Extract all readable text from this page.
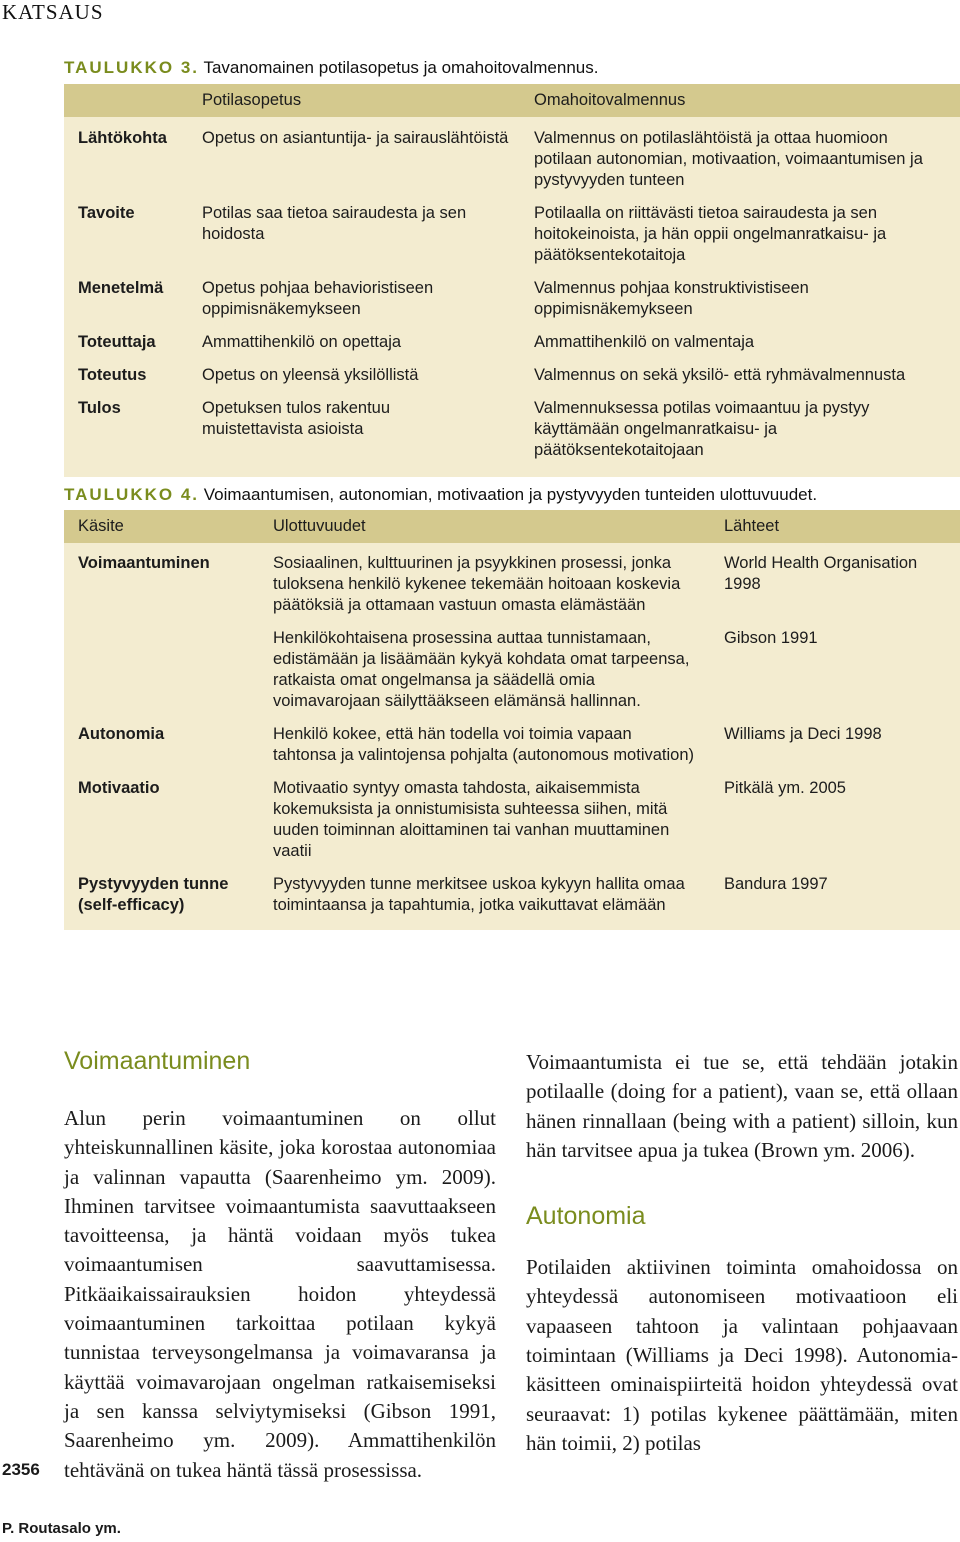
KATSAUS
TAULUKKO 3. Tavanomainen potilasopetus ja omahoitovalmennus.
	Potilasopetus	Omahoitovalmennus
Lähtökohta	Opetus on asiantuntija- ja sairauslähtöistä	Valmennus on potilaslähtöistä ja ottaa huomioon potilaan autonomian, motivaation, voimaantumisen ja pystyvyyden tunteen
Tavoite	Potilas saa tietoa sairaudesta ja sen hoidosta	Potilaalla on riittävästi tietoa sairaudesta ja sen hoitokeinoista, ja hän oppii ongelmanratkaisu- ja päätöksentekotaitoja
Menetelmä	Opetus pohjaa behavioristiseen oppimisnäkemykseen	Valmennus pohjaa konstruktivistiseen oppimisnäkemykseen
Toteuttaja	Ammattihenkilö on opettaja	Ammattihenkilö on valmentaja
Toteutus	Opetus on yleensä yksilöllistä	Valmennus on sekä yksilö- että ryhmävalmennusta
Tulos	Opetuksen tulos rakentuu muistettavista asioista	Valmennuksessa potilas voimaantuu ja pystyy käyttämään ongelmanratkaisu- ja päätöksentekotaitojaan
TAULUKKO 4. Voimaantumisen, autonomian, motivaation ja pystyvyyden tunteiden ulottuvuudet.
Käsite	Ulottuvuudet	Lähteet
Voimaantuminen	Sosiaalinen, kulttuurinen ja psyykkinen prosessi, jonka tuloksena henkilö kykenee tekemään hoitoaan koskevia päätöksiä ja ottamaan vastuun omasta elämästään	World Health Organisation 1998
	Henkilökohtaisena prosessina auttaa tunnistamaan, edistämään ja lisäämään kykyä kohdata omat tarpeensa, ratkaista omat ongelmansa ja säädellä omia voimavarojaan säilyttääkseen elämänsä hallinnan.	Gibson 1991
Autonomia	Henkilö kokee, että hän todella voi toimia vapaan tahtonsa ja valintojensa pohjalta (autonomous motivation)	Williams ja Deci 1998
Motivaatio	Motivaatio syntyy omasta tahdosta, aikaisemmista kokemuksista ja onnistumisista suhteessa siihen, mitä uuden toiminnan aloittaminen tai vanhan muuttaminen vaatii	Pitkälä ym. 2005
Pystyvyyden tunne (self-efficacy)	Pystyvyyden tunne merkitsee uskoa kykyyn hallita omaa toimintaansa ja tapahtumia, jotka vaikuttavat elämään	Bandura 1997
Voimaantuminen

Alun perin voimaantuminen on ollut yhteiskunnallinen käsite, joka korostaa autonomiaa ja valinnan vapautta (Saarenheimo ym. 2009). Ihminen tarvitsee voimaantumista saavuttaakseen tavoitteensa, ja häntä voidaan myös tukea voimaantumisen saavuttamisessa. Pitkäaikaissairauksien hoidon yhteydessä voimaantuminen tarkoittaa potilaan kykyä tunnistaa terveysongelmansa ja voimavaransa ja käyttää voimavarojaan ongelman ratkaisemiseksi ja sen kanssa selviytymiseksi (Gibson 1991, Saarenheimo ym. 2009). Ammattihenkilön tehtävänä on tukea häntä tässä prosessissa.

Voimaantumista ei tue se, että tehdään jotakin potilaalle (doing for a patient), vaan se, että ollaan hänen rinnallaan (being with a patient) silloin, kun hän tarvitsee apua ja tukea (Brown ym. 2006).

Autonomia

Potilaiden aktiivinen toiminta omahoidossa on yhteydessä autonomiseen motivaatioon eli vapaaseen tahtoon ja valintaan pohjaavaan toimintaan (Williams ja Deci 1998). Autonomia-käsitteen ominaispiirteitä hoidon yhteydessä ovat seuraavat: 1) potilas kykenee päättämään, miten hän toimii, 2) potilas

2356
P. Routasalo ym.
